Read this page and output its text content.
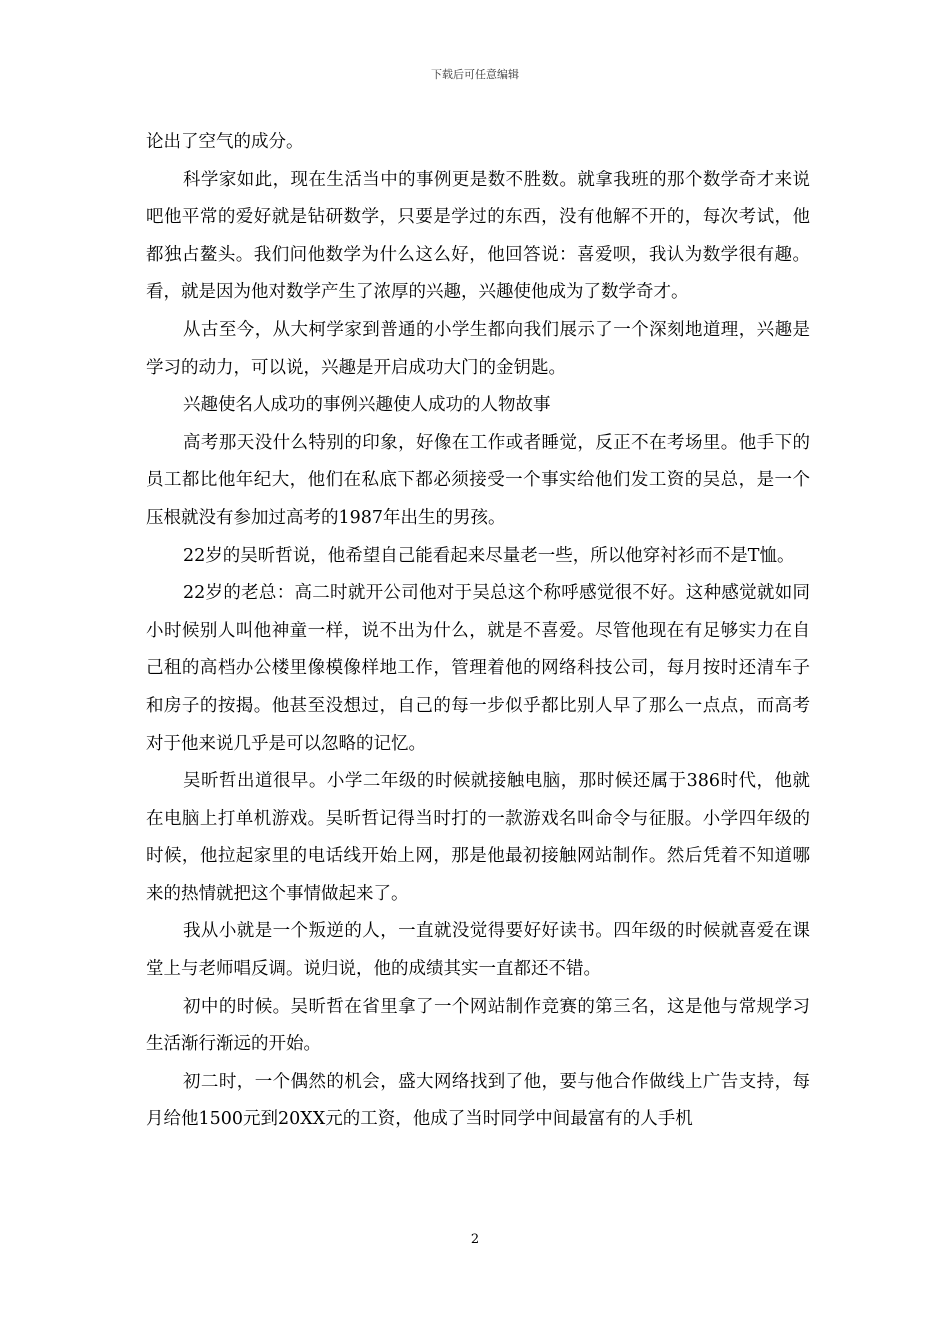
下载后可任意编辑

论出了空气的成分。

科学家如此，现在生活当中的事例更是数不胜数。就拿我班的那个数学奇才来说吧他平常的爱好就是钻研数学，只要是学过的东西，没有他解不开的，每次考试，他都独占鳌头。我们问他数学为什么这么好，他回答说：喜爱呗，我认为数学很有趣。看，就是因为他对数学产生了浓厚的兴趣，兴趣使他成为了数学奇才。

从古至今，从大柯学家到普通的小学生都向我们展示了一个深刻地道理，兴趣是学习的动力，可以说，兴趣是开启成功大门的金钥匙。

兴趣使名人成功的事例兴趣使人成功的人物故事

高考那天没什么特别的印象，好像在工作或者睡觉，反正不在考场里。他手下的员工都比他年纪大，他们在私底下都必须接受一个事实给他们发工资的吴总，是一个压根就没有参加过高考的1987年出生的男孩。

22岁的吴昕哲说，他希望自己能看起来尽量老一些，所以他穿衬衫而不是T恤。

22岁的老总：高二时就开公司他对于吴总这个称呼感觉很不好。这种感觉就如同小时候别人叫他神童一样，说不出为什么，就是不喜爱。尽管他现在有足够实力在自己租的高档办公楼里像模像样地工作，管理着他的网络科技公司，每月按时还清车子和房子的按揭。他甚至没想过，自己的每一步似乎都比别人早了那么一点点，而高考对于他来说几乎是可以忽略的记忆。

吴昕哲出道很早。小学二年级的时候就接触电脑，那时候还属于386时代，他就在电脑上打单机游戏。吴昕哲记得当时打的一款游戏名叫命令与征服。小学四年级的时候，他拉起家里的电话线开始上网，那是他最初接触网站制作。然后凭着不知道哪来的热情就把这个事情做起来了。

我从小就是一个叛逆的人，一直就没觉得要好好读书。四年级的时候就喜爱在课堂上与老师唱反调。说归说，他的成绩其实一直都还不错。

初中的时候。吴昕哲在省里拿了一个网站制作竞赛的第三名，这是他与常规学习生活渐行渐远的开始。

初二时，一个偶然的机会，盛大网络找到了他，要与他合作做线上广告支持，每月给他1500元到20XX元的工资，他成了当时同学中间最富有的人手机

2
